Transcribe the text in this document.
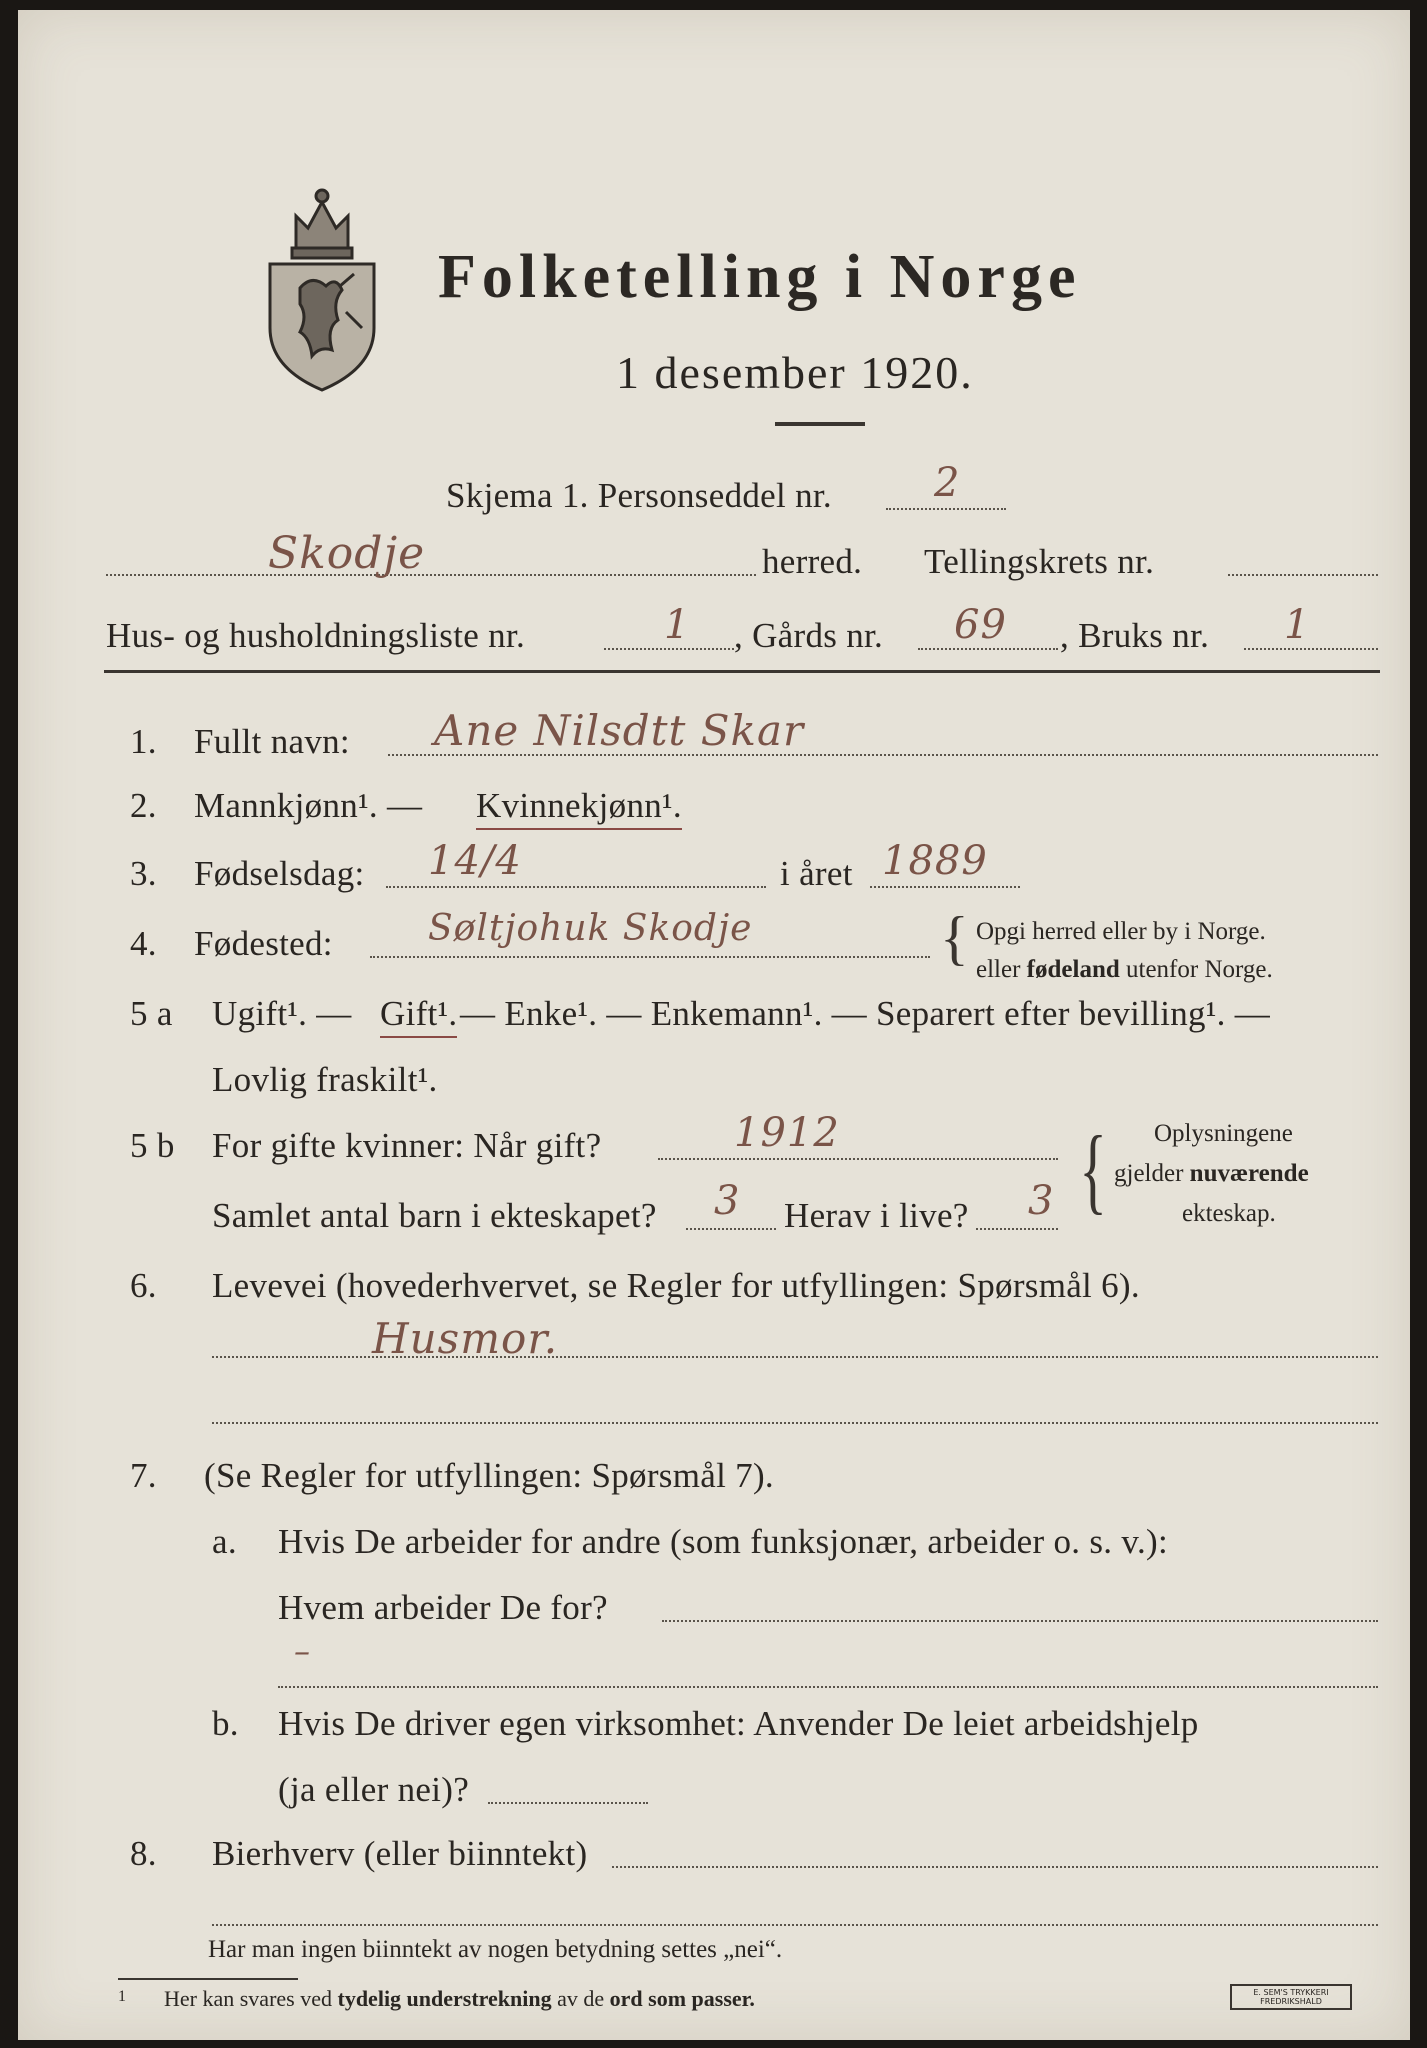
Folketelling i Norge
1 desember 1920.
Skjema 1. Personseddel nr.	2
Skodje	herred. Tellingskrets nr.
Hus- og husholdningsliste nr.	1 , Gårds nr. 69 , Bruks nr. 1
1. Fullt navn: Ane Nilsdtt Skar
2. Mannkjønn¹. — Kvinnekjønn¹.
3. Fødselsdag: 14/4	i året 1889
4. Fødested:	Søltjohuk Skodje	{ Opgi herred eller by i Norge.
eller fødeland utenfor Norge.
5 a Ugift¹. — Gift¹. — Enke¹. — Enkemann¹. — Separert efter bevilling¹. —
Lovlig fraskilt¹.
5 b For gifte kvinner: Når gift?	1912
Samlet antal barn i ekteskapet? 3 Herav i live? 3 { Oplysningene
gjelder nuværende
ekteskap.
6. Levevei (hovederhvervet, se Regler for utfyllingen: Spørsmål 6).
Husmor.
7. (Se Regler for utfyllingen: Spørsmål 7).
a. Hvis De arbeider for andre (som funksjonær, arbeider o. s. v.):
Hvem arbeider De for?
–
b. Hvis De driver egen virksomhet: Anvender De leiet arbeidshjelp
(ja eller nei)?
8. Bierhverv (eller biinntekt)
Har man ingen biinntekt av nogen betydning settes „nei“.
1 Her kan svares ved tydelig understrekning av de ord som passer.	E. SEM'S TRYKKERI FREDRIKSHALD
